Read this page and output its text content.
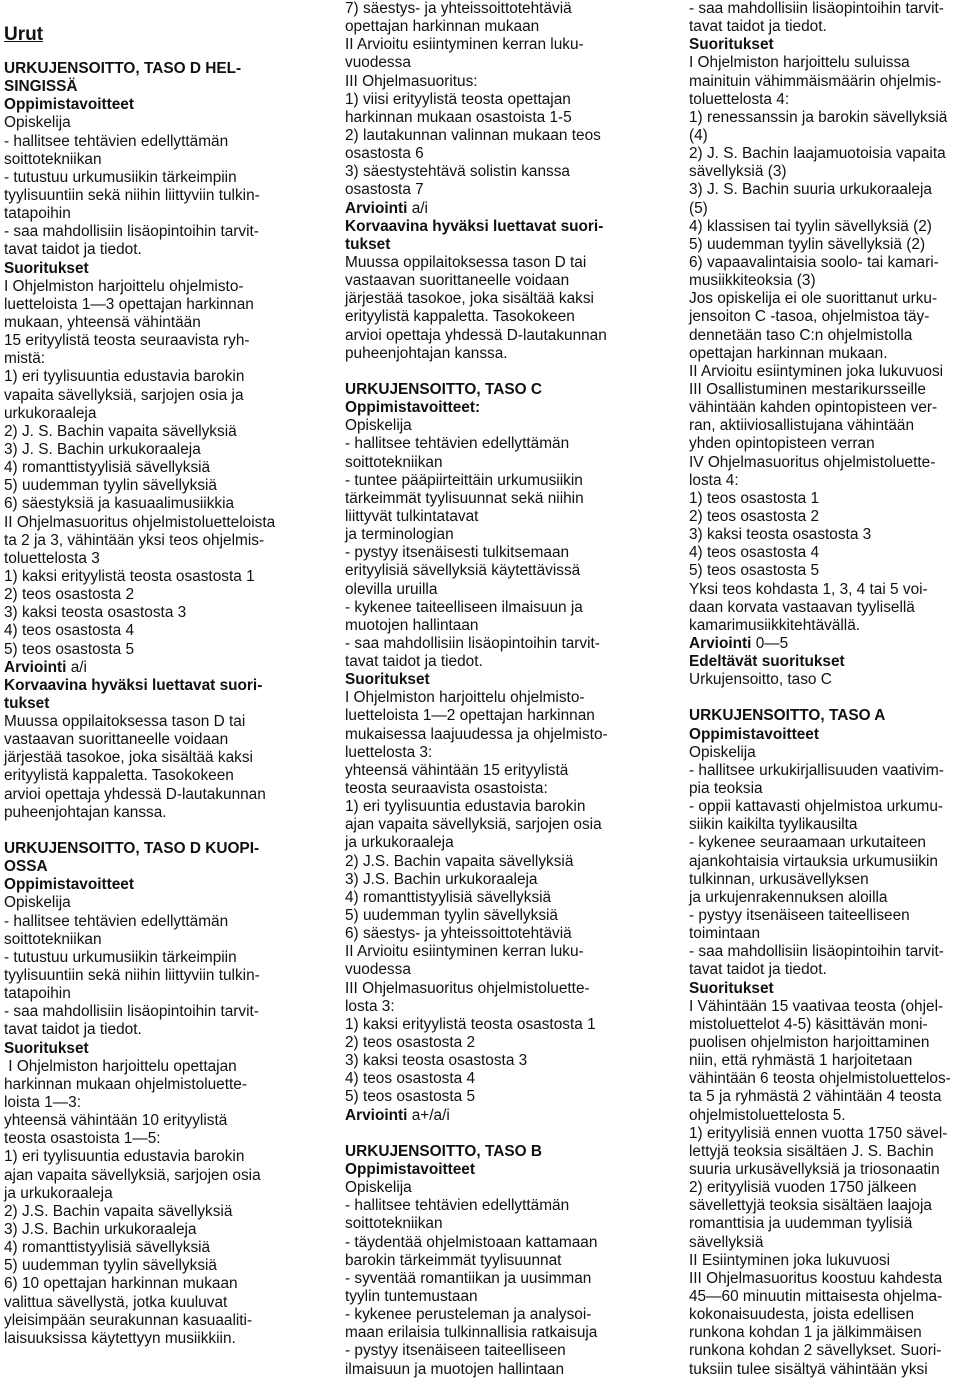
Urut
URKUJENSOITTO, TASO D HEL-
SINGISSÄ
Oppimistavoitteet
Opiskelija
- hallitsee tehtävien edellyttämän
soittotekniikan
- tutustuu urkumusiikin tärkeimpiin
tyylisuuntiin sekä niihin liittyviin tulkin-
tatapoihin
- saa mahdollisiin lisäopintoihin tarvit-
tavat taidot ja tiedot.
Suoritukset
I Ohjelmiston harjoittelu ohjelmisto-
luetteloista 1—3 opettajan harkinnan
mukaan, yhteensä vähintään
15 erityylistä teosta seuraavista ryh-
mistä:
1) eri tyylisuuntia edustavia barokin
vapaita sävellyksiä, sarjojen osia ja
urkukoraaleja
2) J. S. Bachin vapaita sävellyksiä
3) J. S. Bachin urkukoraaleja
4) romanttistyylisiä sävellyksiä
5) uudemman tyylin sävellyksiä
6) säestyksiä ja kasuaalimusiikkia
II Ohjelmasuoritus ohjelmistoluetteloistа
ta 2 ja 3, vähintään yksi teos ohjelmis-
toluettelosta 3
1) kaksi erityylistä teosta osastosta 1
2) teos osastosta 2
3) kaksi teosta osastosta 3
4) teos osastosta 4
5) teos osastosta 5
Arviointi a/i
Korvaavina hyväksi luettavat suori-
tukset
Muussa oppilaitoksessa tason D tai
vastaavan suorittaneelle voidaan
järjestää tasokoe, joka sisältää kaksi
erityylistä kappaletta. Tasokokeen
arvioi opettaja yhdessä D-lautakunnan
puheenjohtajan kanssa.
URKUJENSOITTO, TASO D KUOPI-
OSSA
Oppimistavoitteet
Opiskelija
- hallitsee tehtävien edellyttämän
soittotekniikan
- tutustuu urkumusiikin tärkeimpiin
tyylisuuntiin sekä niihin liittyviin tulkin-
tatapoihin
- saa mahdollisiin lisäopintoihin tarvit-
tavat taidot ja tiedot.
Suoritukset
I Ohjelmiston harjoittelu opettajan
harkinnan mukaan ohjelmistoluette-
loista 1—3:
yhteensä vähintään 10 erityylistä
teosta osastoista 1—5:
1) eri tyylisuuntia edustavia barokin
ajan vapaita sävellyksiä, sarjojen osia
ja urkukoraaleja
2) J.S. Bachin vapaita sävellyksiä
3) J.S. Bachin urkukoraaleja
4) romanttistyylisiä sävellyksiä
5) uudemman tyylin sävellyksiä
6) 10 opettajan harkinnan mukaan
valittua sävellystä, jotka kuuluvat
yleisimpään seurakunnan kasuaaliti-
laisuuksissa käytettyyn musiikkiin.
7) säestys- ja yhteissoittotehtäviä
opettajan harkinnan mukaan
II Arvioitu esiintyminen kerran luku-
vuodessa
III Ohjelmasuoritus:
1) viisi erityylistä teosta opettajan
harkinnan mukaan osastoista 1-5
2) lautakunnan valinnan mukaan teos
osastosta 6
3) säestystehtävä solistin kanssa
osastosta 7
Arviointi a/i
Korvaavina hyväksi luettavat suori-
tukset
Muussa oppilaitoksessa tason D tai
vastaavan suorittaneelle voidaan
järjestää tasokoe, joka sisältää kaksi
erityylistä kappaletta. Tasokokeen
arvioi opettaja yhdessä D-lautakunnan
puheenjohtajan kanssa.
URKUJENSOITTO, TASO C
Oppimistavoitteet:
Opiskelija
- hallitsee tehtävien edellyttämän
soittotekniikan
- tuntee pääpiirteittäin urkumusiikin
tärkeimmät tyylisuunnat sekä niihin
liittyvät tulkintatavat
ja terminologian
- pystyy itsenäisesti tulkitsemaan
erityylisiä sävellyksiä käytettävissä
olevilla uruilla
- kykenee taiteelliseen ilmaisuun ja
muotojen hallintaan
- saa mahdollisiin lisäopintoihin tarvit-
tavat taidot ja tiedot.
Suoritukset
I Ohjelmiston harjoittelu ohjelmisto-
luetteloista 1—2 opettajan harkinnan
mukaisessa laajuudessa ja ohjelmisto-
luettelosta 3:
yhteensä vähintään 15 erityylistä
teosta seuraavista osastoista:
1) eri tyylisuuntia edustavia barokin
ajan vapaita sävellyksiä, sarjojen osia
ja urkukoraaleja
2) J.S. Bachin vapaita sävellyksiä
3) J.S. Bachin urkukoraaleja
4) romanttistyylisiä sävellyksiä
5) uudemman tyylin sävellyksiä
6) säestys- ja yhteissoittotehtäviä
II Arvioitu esiintyminen kerran luku-
vuodessa
III Ohjelmasuoritus ohjelmistoluette-
losta 3:
1) kaksi erityylistä teosta osastosta 1
2) teos osastosta 2
3) kaksi teosta osastosta 3
4) teos osastosta 4
5) teos osastosta 5
Arviointi a+/a/i
URKUJENSOITTO, TASO B
Oppimistavoitteet
Opiskelija
- hallitsee tehtävien edellyttämän
soittotekniikan
- täydentää ohjelmistoaan kattamaan
barokin tärkeimmät tyylisuunnat
- syventää romantiikan ja uusimman
tyylin tuntemustaan
- kykenee perusteleman ja analysoi-
maan erilaisia tulkinnallisia ratkaisuja
- pystyy itsenäiseen taiteelliseen
ilmaisuun ja muotojen hallintaan
- saa mahdollisiin lisäopintoihin tarvit-
tavat taidot ja tiedot.
Suoritukset
I Ohjelmiston harjoittelu suluissa
mainituin vähimmäismäärin ohjelmis-
toluettelosta 4:
1) renessanssin ja barokin sävellyksiä
(4)
2) J. S. Bachin laajamuotoisia vapaita
sävellyksiä (3)
3) J. S. Bachin suuria urkukoraaleja
(5)
4) klassisen tai tyylin sävellyksiä (2)
5) uudemman tyylin sävellyksiä (2)
6) vapaavalintaisia soolo- tai kamari-
musiikkiteoksia (3)
Jos opiskelija ei ole suorittanut urku-
jensoiton C -tasoa, ohjelmistoa täy-
dennetään taso C:n ohjelmistolla
opettajan harkinnan mukaan.
II Arvioitu esiintyminen joka lukuvuosi
III Osallistuminen mestarikursseille
vähintään kahden opintopisteen ver-
ran, aktiiviosallistujana vähintään
yhden opintopisteen verran
IV Ohjelmasuoritus ohjelmistoluette-
losta 4:
1) teos osastosta 1
2) teos osastosta 2
3) kaksi teosta osastosta 3
4) teos osastosta 4
5) teos osastosta 5
Yksi teos kohdasta 1, 3, 4 tai 5 voi-
daan korvata vastaavan tyylisellä
kamarimusiikkitehtävällä.
Arviointi 0—5
Edeltävät suoritukset
Urkujensoitto, taso C
URKUJENSOITTO, TASO A
Oppimistavoitteet
Opiskelija
- hallitsee urkukirjallisuuden vaativim-
pia teoksia
- oppii kattavasti ohjelmistoa urkumu-
siikin kaikilta tyylikausilta
- kykenee seuraamaan urkutaiteen
ajankohtaisia virtauksia urkumusiikin
tulkinnan, urkusävellyksen
ja urkujenrakennuksen aloilla
- pystyy itsenäiseen taiteelliseen
toimintaan
- saa mahdollisiin lisäopintoihin tarvit-
tavat taidot ja tiedot.
Suoritukset
I Vähintään 15 vaativaa teosta (ohjel-
mistoluettelot 4-5) käsittävän moni-
puolisen ohjelmiston harjoittaminen
niin, että ryhmästä 1 harjoitetaan
vähintään 6 teosta ohjelmistoluettelos-
ta 5 ja ryhmästä 2 vähintään 4 teosta
ohjelmistoluettelosta 5.
1) erityylisiä ennen vuotta 1750 sävel-
lettyjä teoksia sisältäen J. S. Bachin
suuria urkusävellyksiä ja triosonaatin
2) erityylisiä vuoden 1750 jälkeen
sävellettyjä teoksia sisältäen laajoja
romanttisia ja uudemman tyylisiä
sävellyksiä
II Esiintyminen joka lukuvuosi
III Ohjelmasuoritus koostuu kahdesta
45—60 minuutin mittaisesta ohjelma-
kokonaisuudesta, joista edellisen
runkona kohdan 1 ja jälkimmäisen
runkona kohdan 2 sävellykset. Suori-
tuksiin tulee sisältyä vähintään yksi
